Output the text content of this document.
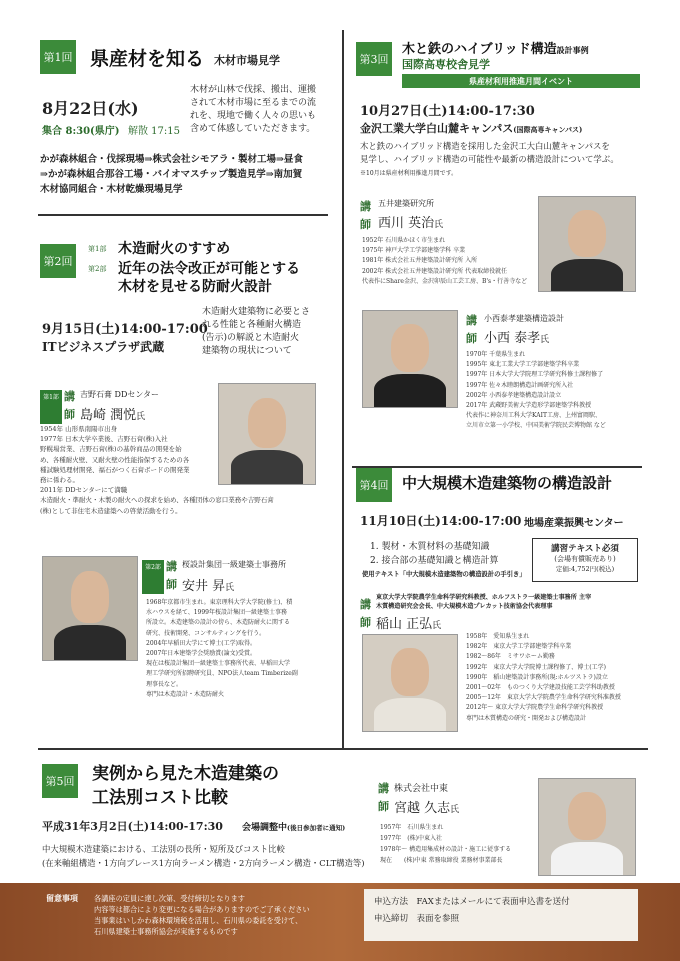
第1回 県産材を知る 木材市場見学
8月22日(水)
集合 8:30(県庁) 解散 17:15
木材が山林で伐採、搬出、運搬
されて木材市場に至るまでの流
れを、現地で働く人々の思いも
含めて体感していただきます。
かが森林組合・伐採現場⇒株式会社シモアラ・製材工場⇒昼食
⇒かが森林組合那谷工場・バイオマスチップ製造見学⇒南加賀
木材協同組合・木材乾燥現場見学
第2回
第1部 木造耐火のすすめ
第2部 近年の法令改正が可能とする
木材を見せる防耐火設計
9月15日(土)14:00-17:00
ITビジネスプラザ武蔵
木造耐火建築物に必要とさ
れる性能と各種耐火構造
(告示)の解説と木造耐火
建築物の現状について
第1部 講
師
吉野石膏 DDセンター
島崎 潤悦氏
1954年 山形県南陽市出身
1977年 日本大学卒業後、吉野石膏(株)入社
野幌場営業、吉野石膏(株)の基幹商品の開発を始
め、各種耐火壁、又耐火壁の性能指保するための各
種試験処理材開発、福石がつく石膏ボードの開発業
務に係わる。
2011年 DDセンターにて満職
木造耐火・準耐火・木製の耐火への探求を始め、各種団体の窓口業務や吉野石膏
(株)として非住宅木造建築への啓蒙活動を行う。
第2部 講
師
桜設計集団一級建築士事務所
安井 昇氏
1968年京都市生まれ。東京理科大学大学院(修士)、積
水ハウスを経て、1999年桜設計集団一級建築士事務
所設立。木造建築の設計の傍ら、木造防耐火に関する
研究、技術開発、コンサルティングを行う。
2004年早稲田大学にて博士(工学)取得。
2007年日本建築学会奨励賞(論文)受賞。
現在は桜設計集団一級建築士事務所代表、早稲田大学
理工学研究所招聘研究員、NPO法人team Timberize副
理事長など。
専門は木造設計・木造防耐火
第3回
木と鉄のハイブリッド構造設計事例
国際高専校舎見学
県産材利用推進月間イベント
10月27日(土)14:00-17:30
金沢工業大学白山麓キャンパス(国際高専キャンパス)
木と鉄のハイブリッド構造を採用した金沢工大白山麓キャンパスを
見学し、ハイブリッド構造の可能性や最新の構造設計について学ぶ。
※10月は県産材利用推進月間です。
講
師
五井建築研究所
西川 英治氏
1952年 石川県かほく市生まれ
1975年 神戸大学工学部建築学科 卒業
1981年 株式会社五井建築設計研究所 入所
2002年 株式会社五井建築設計研究所 代表取締役就任
代表作にShare金沢、金沢卯辰山工芸工房、B's・行善寺など
講
師
小西泰孝建築構造設計
小西 泰孝氏
1970年 千葉県生まれ
1995年 東北工業大学工学部建築学科卒業
1997年 日本大学大学院理工学研究科修士課程修了
1997年 佐々木睦朗構造計画研究所入社
2002年 小西泰孝建築構造設計設立
2017年 武蔵野美術大学造形学部建築学科教授
代表作に神奈川工科大学KAIT工房、上州富岡駅、
立川市立第一小学校、中国美術学院民芸博物館 など
第4回 中大規模木造建築物の構造設計
11月10日(土)14:00-17:00 地場産業振興センター
1. 製材・木質材料の基礎知識
2. 接合部の基礎知識と構造計算
使用テキスト「中大規模木造建築物の構造設計の手引き」
講習テキスト必須
(会場有償販売あり)
定価:4,752円(税込)
講
師
東京大学大学院農学生命科学研究科教授、ホルフストラ一級建築士事務所 主宰
木質構造研究会会長、中大規模木造プレカット技術協会代表理事
稲山 正弘氏
1958年　愛知県生まれ
1982年　東京大学工学部建築学科卒業
1982〜86年　ミサワホーム勤務
1992年　東京大学大学院博士課程修了、博士(工学)
1990年　稲山建築設計事務所(現:ホルツストラ)設立
2001〜02年　ものつくり大学建設技能工芸学科助教授
2005〜12年　東京大学大学院農学生命科学研究科准教授
2012年〜 東京大学大学院農学生命科学研究科教授
専門は木質構造の研究・開発および構造設計
第5回 実例から見た木造建築の
工法別コスト比較
平成31年3月2日(土)14:00-17:30 会場調整中(後日参加者に通知)
中大規模木造建築における、工法別の長所・短所及びコスト比較
(在来軸組構造・1方向ブレース1方向ラーメン構造・2方向ラーメン構造・CLT構造等)
講
師
株式会社中東
宮越 久志氏
1957年　石川県生まれ
1977年　(株)中東入社
1978年〜 構造用集成材の設計・施工に従事する
現在　　(株)中東 常務取締役 業務材事業部長
留意事項 各講座の定員に達し次第、受付締切となります
内容等は都合により変更になる場合がありますのでご了承ください
当事業はいしかわ森林環境税を活用し、石川県の委託を受けて、
石川県建築士事務所協会が実施するものです
申込方法　FAXまたはメールにて表面申込書を送付
申込締切　表面を参照
